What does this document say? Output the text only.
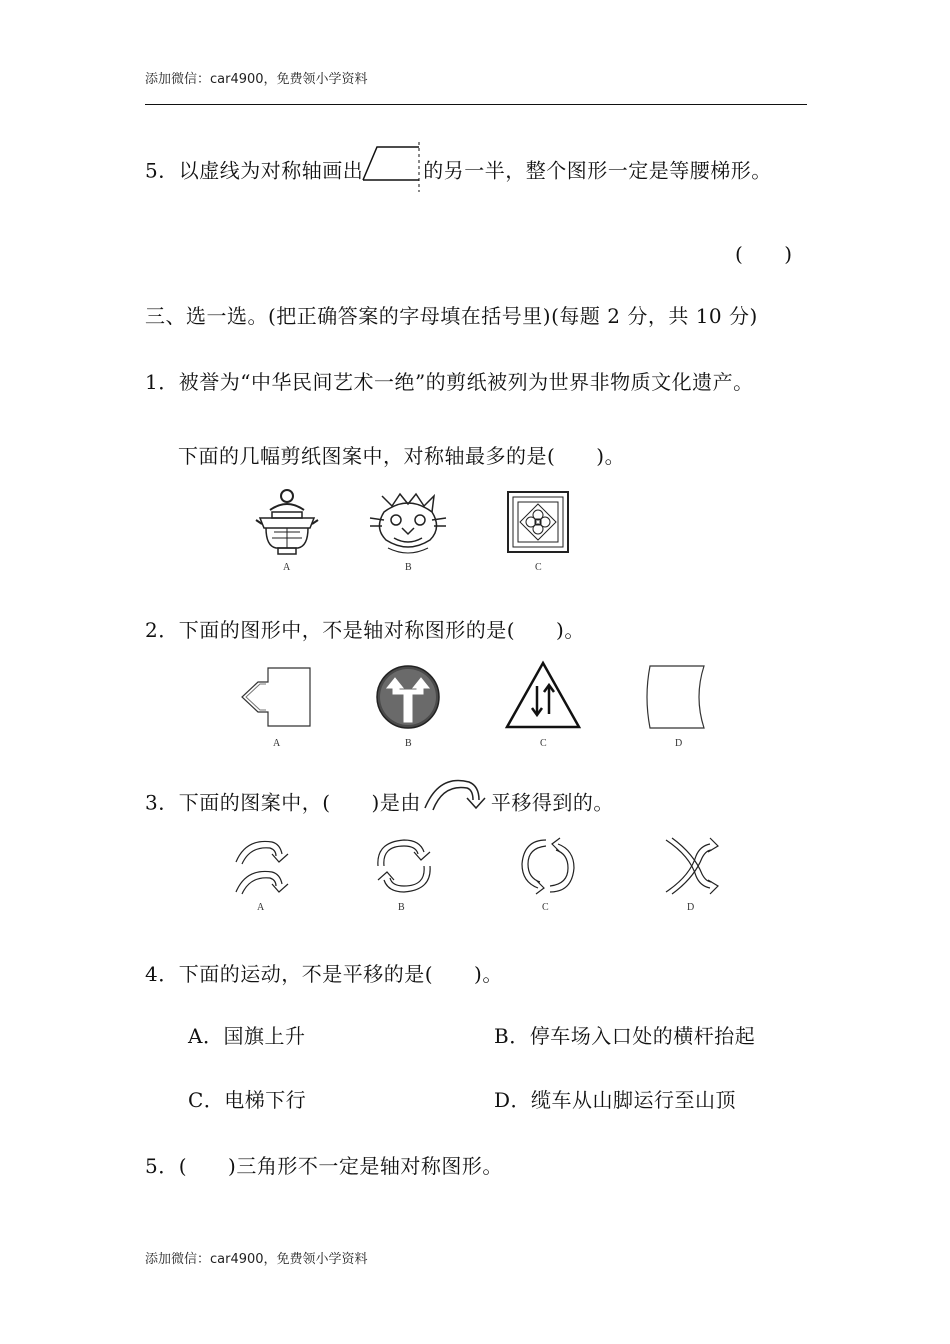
添加微信：car4900，免费领小学资料
5．以虚线为对称轴画出	的另一半，整个图形一定是等腰梯形。
(　　)
三、选一选。(把正确答案的字母填在括号里)(每题 2 分，共 10 分)
1．被誉为“中华民间艺术一绝”的剪纸被列为世界非物质文化遗产。
下面的几幅剪纸图案中，对称轴最多的是(　　)。
A	B	C
2．下面的图形中，不是轴对称图形的是(　　)。
A	B	C	D
3．下面的图案中，(　　)是由	平移得到的。
A	B	C	D
4．下面的运动，不是平移的是(　　)。
A．国旗上升	B．停车场入口处的横杆抬起
C．电梯下行	D．缆车从山脚运行至山顶
5．(　　)三角形不一定是轴对称图形。
添加微信：car4900，免费领小学资料
